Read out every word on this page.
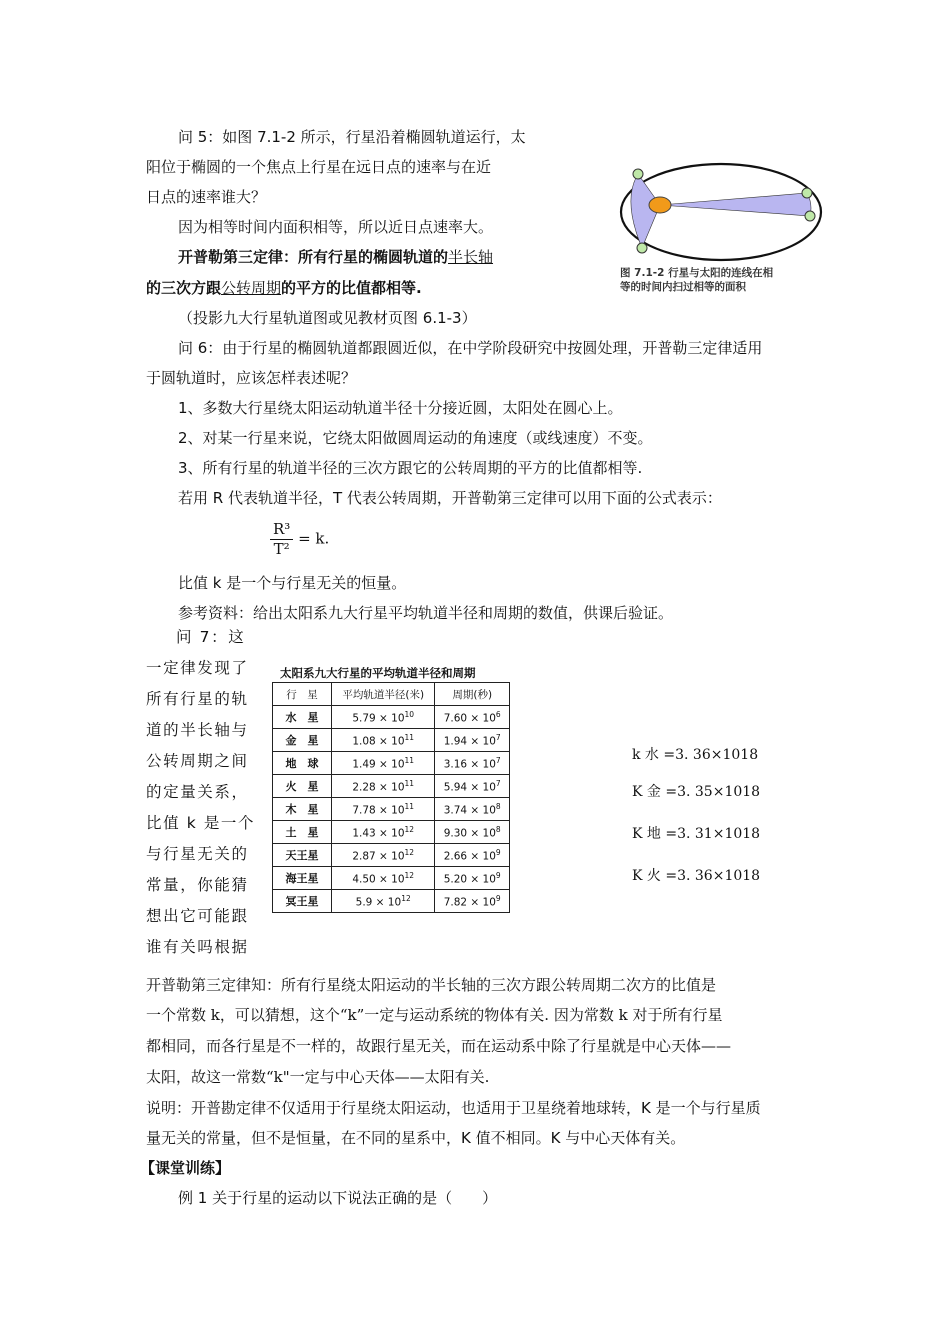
问 5：如图 7.1-2 所示，行星沿着椭圆轨道运行，太
阳位于椭圆的一个焦点上行星在远日点的速率与在近
日点的速率谁大？
因为相等时间内面积相等，所以近日点速率大。
开普勒第三定律：所有行星的椭圆轨道的半长轴
的三次方跟公转周期的平方的比值都相等.
（投影九大行星轨道图或见教材页图 6.1-3）
图 7.1-2 行星与太阳的连线在相
等的时间内扫过相等的面积
问 6：由于行星的椭圆轨道都跟圆近似，在中学阶段研究中按圆处理，开普勒三定律适用
于圆轨道时，应该怎样表述呢？
1、多数大行星绕太阳运动轨道半径十分接近圆，太阳处在圆心上。
2、对某一行星来说，它绕太阳做圆周运动的角速度（或线速度）不变。
3、所有行星的轨道半径的三次方跟它的公转周期的平方的比值都相等.
若用 R 代表轨道半径，T 代表公转周期，开普勒第三定律可以用下面的公式表示：
$\frac{\text{R³}}{\text{T²}} = k$.
比值 k 是一个与行星无关的恒量。
参考资料：给出太阳系九大行星平均轨道半径和周期的数值，供课后验证。
问 7：这
一定律发现了
所有行星的轨
道的半长轴与
公转周期之间
的定量关系，
比值 k 是一个
与行星无关的
常量，你能猜
想出它可能跟
谁有关吗根据
太阳系九大行星的平均轨道半径和周期
行　星	平均轨道半径(米)	周期(秒)
水　星	$5.79 \times 10^{10}$	$7.60 \times 10^6$
金　星	$1.08 \times 10^{11}$	$1.94 \times 10^7$
地　球	$1.49 \times 10^{11}$	$3.16 \times 10^7$
火　星	$2.28 \times 10^{11}$	$5.94 \times 10^7$
木　星	$7.78 \times 10^{11}$	$3.74 \times 10^8$
土　星	$1.43 \times 10^{12}$	$9.30 \times 10^8$
天王星	$2.87 \times 10^{12}$	$2.66 \times 10^9$
海王星	$4.50 \times 10^{12}$	$5.20 \times 10^9$
冥王星	$5.9 \times 10^{12}$	$7.82 \times 10^9$
k 水 =3. 36×1018
K 金 =3. 35×1018
K 地 =3. 31×1018
K 火 =3. 36×1018
开普勒第三定律知：所有行星绕太阳运动的半长轴的三次方跟公转周期二次方的比值是
一个常数 k，可以猜想，这个“k”一定与运动系统的物体有关. 因为常数 k 对于所有行星
都相同，而各行星是不一样的，故跟行星无关，而在运动系中除了行星就是中心天体——
太阳，故这一常数“k"一定与中心天体——太阳有关.
说明：开普勘定律不仅适用于行星绕太阳运动，也适用于卫星绕着地球转，K 是一个与行星质
量无关的常量，但不是恒量，在不同的星系中，K 值不相同。K 与中心天体有关。
【课堂训练】
例 1 关于行星的运动以下说法正确的是（　　）
